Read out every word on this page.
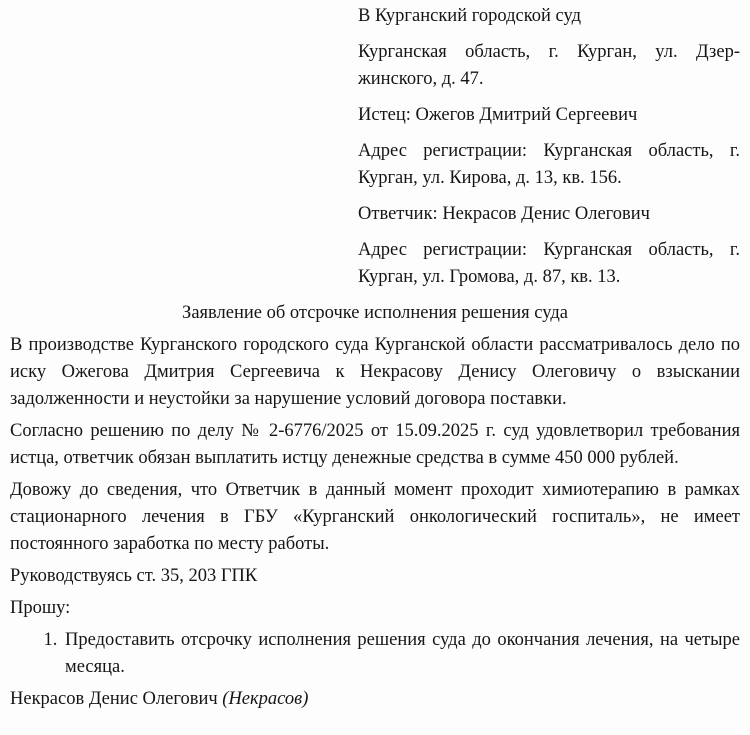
В Курганский городской суд

Курганская область, г. Курган, ул. Дзержинского, д. 47.

Истец: Ожегов Дмитрий Сергеевич

Адрес регистрации: Курганская область, г. Курган, ул. Кирова, д. 13, кв. 156.

Ответчик: Некрасов Денис Олегович

Адрес регистрации: Курганская область, г. Курган, ул. Громова, д. 87, кв. 13.

Заявление об отсрочке исполнения решения суда

В производстве Курганского городского суда Курганской области рассматривалось дело по иску Ожегова Дмитрия Сергеевича к Некрасову Денису Олеговичу о взыскании задолженности и неустойки за нарушение условий договора поставки.

Согласно решению по делу № 2-6776/2025 от 15.09.2025 г. суд удовлетворил требования истца, ответчик обязан выплатить истцу денежные средства в сумме 450 000 рублей.

Довожу до сведения, что Ответчик в данный момент проходит химиотерапию в рамках стационарного лечения в ГБУ «Курганский онкологический госпиталь», не имеет постоянного заработка по месту работы.

Руководствуясь ст. 35, 203 ГПК

Прошу:

1. Предоставить отсрочку исполнения решения суда до окончания лечения, на четыре месяца.

Некрасов Денис Олегович (Некрасов)
